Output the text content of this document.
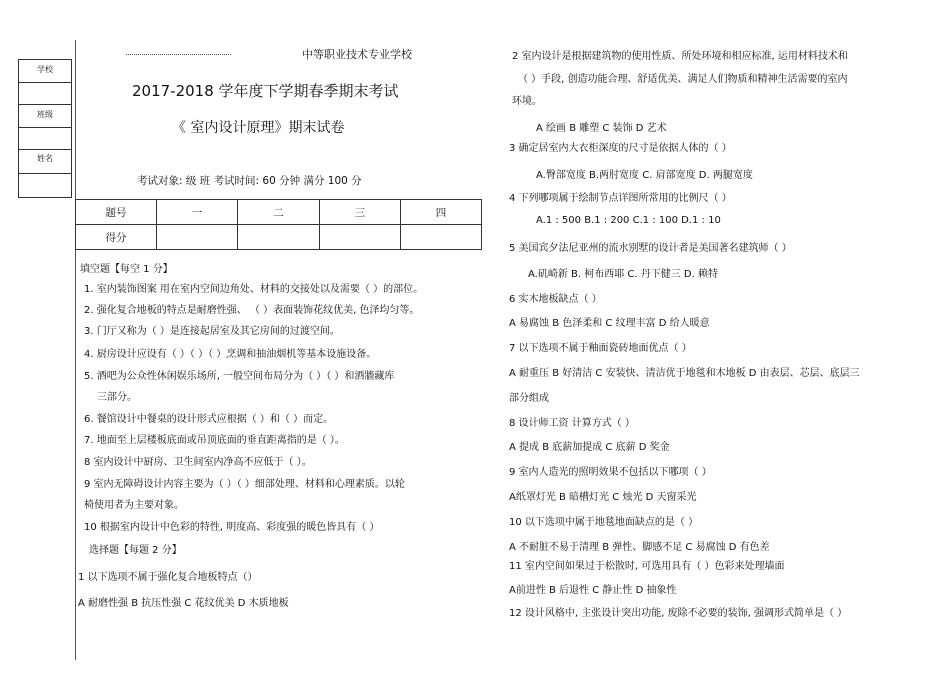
学校
班级
姓名
中等职业技术专业学校
2017-2018 学年度下学期春季期末考试
《 室内设计原理》期末试卷
考试对象: 级 班 考试时间: 60 分钟 满分 100 分
题号	一	二	三	四
得分				
填空题【每空 1 分】
1. 室内装饰图案 用在室内空间边角处、材料的交接处以及需要（ ）的部位。
2. 强化复合地板的特点是耐磨性强、 （ ）表面装饰花纹优美, 色泽均匀等。
3. 门厅又称为（ ）是连接起居室及其它房间的过渡空间。
4. 厨房设计应设有（ ）（ ）（ ）烹调和抽油烟机等基本设施设备。
5. 酒吧为公众性休闲娱乐场所, 一般空间布局分为（ ）（ ）和酒牆藏库
三部分。
6. 餐馆设计中餐桌的设计形式应根据（ ）和（ ）而定。
7. 地面至上层楼板底面或吊顶底面的垂直距离指的是（ ）。
8 室内设计中厨房、卫生间室内净高不应低于（ ）。
9 室内无障碍设计内容主要为（ ）（ ）细部处理、材料和心理素质。以轮
椅使用者为主要对象。
10 根据室内设计中色彩的特性, 明度高、彩度强的暖色皆具有（ ）
选择题【每题 2 分】
1 以下选项不属于强化复合地板特点（）
A 耐磨性强 B 抗压性强 C 花纹优美 D 木质地板
2 室内设计是根据建筑物的使用性质、所处环境和相应标准, 运用材料技术和
（ ）手段, 创造功能合理、舒适优美、满足人们物质和精神生活需要的室内
环境。
A 绘画 B 雕塑 C 装饰 D 艺术
3 确定居室内大衣柜深度的尺寸是依据人体的（ ）
A.臀部宽度 B.两肘宽度 C. 肩部宽度 D. 两腿宽度
4 下列哪项属于绘制节点详图所常用的比例尺（ ）
A.1 : 500 B.1 : 200 C.1 : 100 D.1 : 10
5 美国宾夕法尼亚州的流水别墅的设计者是美国著名建筑师（ ）
A.矶崎新 B. 柯布西耶 C. 丹下健三 D. 赖特
6 实木地板缺点（ ）
A 易腐蚀 B 色泽柔和 C 纹理丰富 D 给人暖意
7 以下选项不属于釉面瓷砖地面优点（ ）
A 耐重压 B 好清洁 C 安装快、清洁优于地毯和木地板 D 由表层、芯层、底层三
部分组成
8 设计师工资 计算方式（ ）
A 提成 B 底薪加提成 C 底薪 D 奖金
9 室内人造光的照明效果不包括以下哪项（ ）
A纸罩灯光 B 暗槽灯光 C 烛光 D 天窗采光
10 以下选项中属于地毯地面缺点的是（ ）
A 不耐脏不易于清理 B 弹性、脚感不足 C 易腐蚀 D 有色差
11 室内空间如果过于松散时, 可选用具有（ ）色彩来处理墙面
A前进性 B 后退性 C 静止性 D 抽象性
12 设计风格中, 主张设计突出功能, 废除不必要的装饰, 强调形式简单是（ ）
